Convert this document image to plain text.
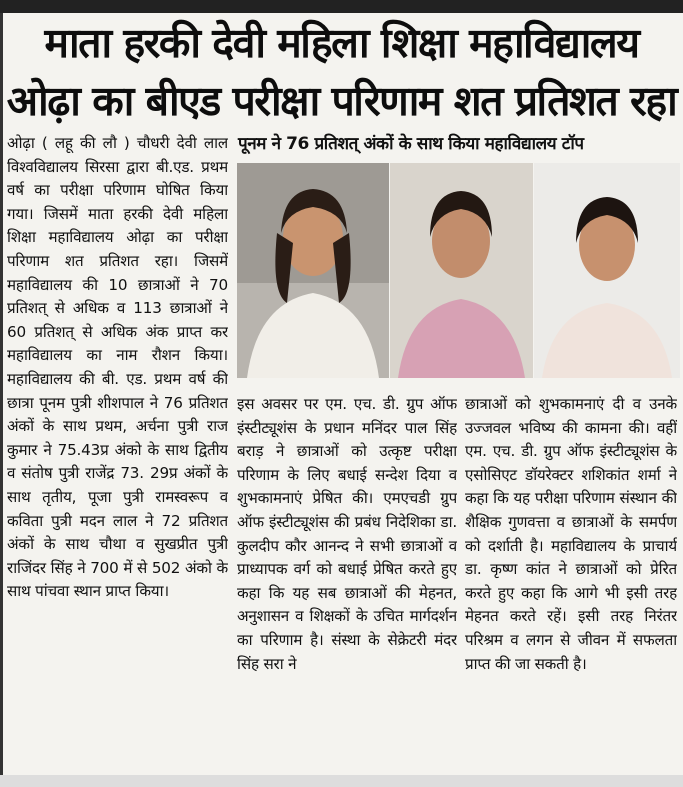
माता हरकी देवी महिला शिक्षा महाविद्यालय
ओढ़ा का बीएड परीक्षा परिणाम शत प्रतिशत रहा
पूनम ने 76 प्रतिशत् अंकों के साथ किया महाविद्यालय टॉप
ओढ़ा ( लहू की लौ ) चौधरी देवी लाल विश्वविद्यालय सिरसा द्वारा बी.एड. प्रथम वर्ष का परीक्षा परिणाम घोषित किया गया। जिसमें माता हरकी देवी महिला शिक्षा महाविद्यालय ओढ़ा का परीक्षा परिणाम शत प्रतिशत रहा। जिसमें महाविद्यालय की 10 छात्राओं ने 70 प्रतिशत् से अधिक व 113 छात्राओं ने 60 प्रतिशत् से अधिक अंक प्राप्त कर महाविद्यालय का नाम रौशन किया। महाविद्यालय की बी. एड. प्रथम वर्ष की छात्रा पूनम पुत्री शीशपाल ने 76 प्रतिशत अंकों के साथ प्रथम, अर्चना पुत्री राज कुमार ने 75.43प्र अंको के साथ द्वितीय व संतोष पुत्री राजेंद्र 73. 29प्र अंकों के साथ तृतीय, पूजा पुत्री रामस्वरूप व कविता पुत्री मदन लाल ने 72 प्रतिशत अंकों के साथ चौथा व सुखप्रीत पुत्री राजिंदर सिंह ने 700 में से 502 अंको के साथ पांचवा स्थान प्राप्त किया।
इस अवसर पर एम. एच. डी. ग्रुप ऑफ इंस्टीट्यूशंस के प्रधान मनिंदर पाल सिंह बराड़ ने छात्राओं को उत्कृष्ट परीक्षा परिणाम के लिए बधाई सन्देश दिया व शुभकामनाएं प्रेषित की। एमएचडी ग्रुप ऑफ इंस्टीट्यूशंस की प्रबंध निदेशिका डा. कुलदीप कौर आनन्द ने सभी छात्राओं व प्राध्यापक वर्ग को बधाई प्रेषित करते हुए कहा कि यह सब छात्राओं की मेहनत, अनुशासन व शिक्षकों के उचित मार्गदर्शन का परिणाम है। संस्था के सेक्रेटरी मंदर सिंह सरा ने
छात्राओं को शुभकामनाएं दी व उनके उज्जवल भविष्य की कामना की। वहीं एम. एच. डी. ग्रुप ऑफ इंस्टीट्यूशंस के एसोसिएट डॉयरेक्टर शशिकांत शर्मा ने कहा कि यह परीक्षा परिणाम संस्थान की शैक्षिक गुणवत्ता व छात्राओं के समर्पण को दर्शाती है। महाविद्यालय के प्राचार्य डा. कृष्ण कांत ने छात्राओं को प्रेरित करते हुए कहा कि आगे भी इसी तरह मेहनत करते रहें। इसी तरह निरंतर परिश्रम व लगन से जीवन में सफलता प्राप्त की जा सकती है।
